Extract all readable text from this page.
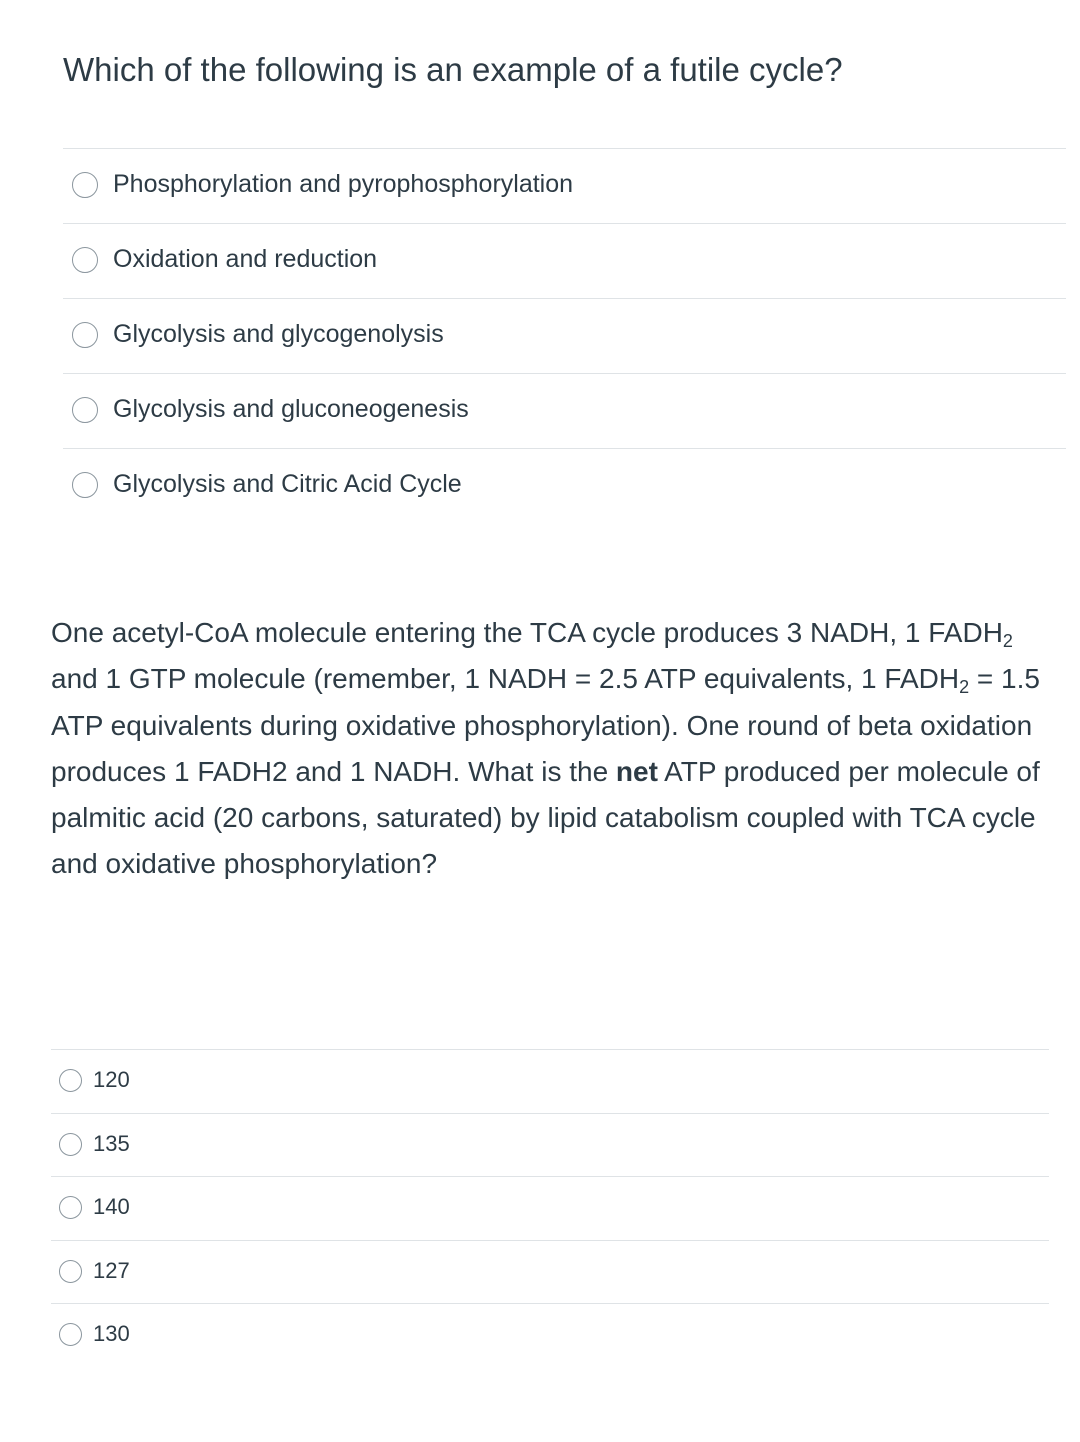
Which of the following is an example of a futile cycle?
Phosphorylation and pyrophosphorylation
Oxidation and reduction
Glycolysis and glycogenolysis
Glycolysis and gluconeogenesis
Glycolysis and Citric Acid Cycle
One acetyl-CoA molecule entering the TCA cycle produces 3 NADH, 1 $FADH_2$ and 1 GTP molecule (remember, 1 NADH = 2.5 ATP equivalents, 1 $FADH_2 = 1.5$ ATP equivalents during oxidative phosphorylation). One round of beta oxidation produces 1 FADH2 and 1 NADH. What is the net ATP produced per molecule of palmitic acid (20 carbons, saturated) by lipid catabolism coupled with TCA cycle and oxidative phosphorylation?
120
135
140
127
130
